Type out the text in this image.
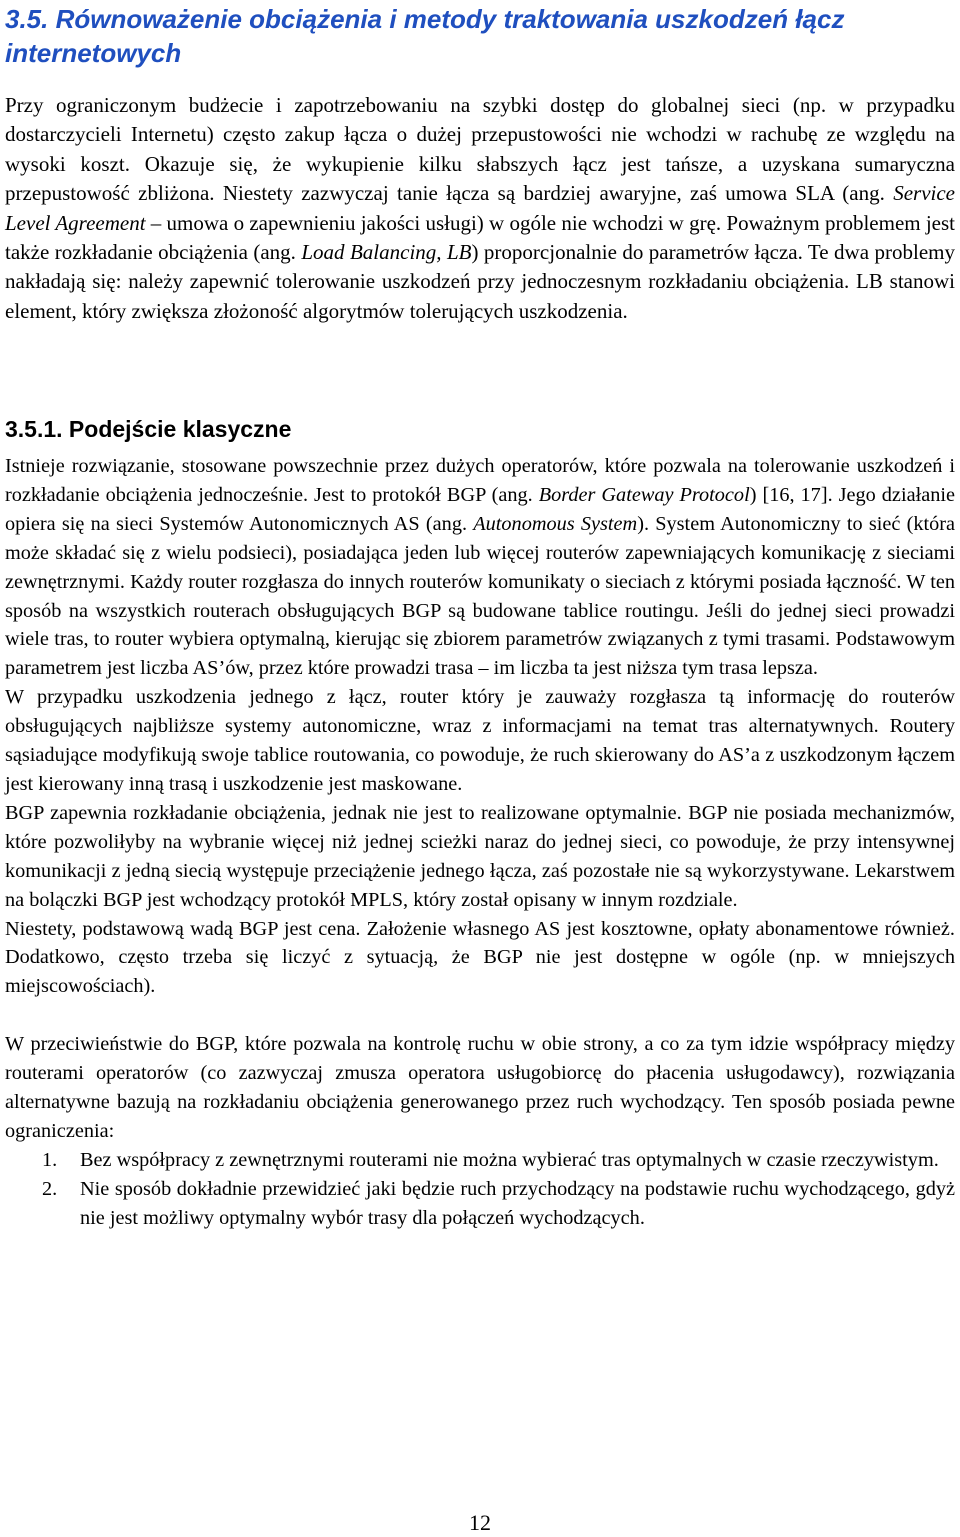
3.5. Równoważenie obciążenia i metody traktowania uszkodzeń łącz internetowych

Przy ograniczonym budżecie i zapotrzebowaniu na szybki dostęp do globalnej sieci (np. w przypadku dostarczycieli Internetu) często zakup łącza o dużej przepustowości nie wchodzi w rachubę ze względu na wysoki koszt. Okazuje się, że wykupienie kilku słabszych łącz jest tańsze, a uzyskana sumaryczna przepustowość zbliżona. Niestety zazwyczaj tanie łącza są bardziej awaryjne, zaś umowa SLA (ang. Service Level Agreement – umowa o zapewnieniu jakości usługi) w ogóle nie wchodzi w grę. Poważnym problemem jest także rozkładanie obciążenia (ang. Load Balancing, LB) proporcjonalnie do parametrów łącza. Te dwa problemy nakładają się: należy zapewnić tolerowanie uszkodzeń przy jednoczesnym rozkładaniu obciążenia. LB stanowi element, który zwiększa złożoność algorytmów tolerujących uszkodzenia.

3.5.1. Podejście klasyczne

Istnieje rozwiązanie, stosowane powszechnie przez dużych operatorów, które pozwala na tolerowanie uszkodzeń i rozkładanie obciążenia jednocześnie. Jest to protokół BGP (ang. Border Gateway Protocol) [16, 17]. Jego działanie opiera się na sieci Systemów Autonomicznych AS (ang. Autonomous System). System Autonomiczny to sieć (która może składać się z wielu podsieci), posiadająca jeden lub więcej routerów zapewniających komunikację z sieciami zewnętrznymi. Każdy router rozgłasza do innych routerów komunikaty o sieciach z którymi posiada łączność. W ten sposób na wszystkich routerach obsługujących BGP są budowane tablice routingu. Jeśli do jednej sieci prowadzi wiele tras, to router wybiera optymalną, kierując się zbiorem parametrów związanych z tymi trasami. Podstawowym parametrem jest liczba AS’ów, przez które prowadzi trasa – im liczba ta jest niższa tym trasa lepsza.

W przypadku uszkodzenia jednego z łącz, router który je zauważy rozgłasza tą informację do routerów obsługujących najbliższe systemy autonomiczne, wraz z informacjami na temat tras alternatywnych. Routery sąsiadujące modyfikują swoje tablice routowania, co powoduje, że ruch skierowany do AS’a z uszkodzonym łączem jest kierowany inną trasą i uszkodzenie jest maskowane.

BGP zapewnia rozkładanie obciążenia, jednak nie jest to realizowane optymalnie. BGP nie posiada mechanizmów, które pozwoliłyby na wybranie więcej niż jednej scieżki naraz do jednej sieci, co powoduje, że przy intensywnej komunikacji z jedną siecią występuje przeciążenie jednego łącza, zaś pozostałe nie są wykorzystywane. Lekarstwem na bolączki BGP jest wchodzący protokół MPLS, który został opisany w innym rozdziale.

Niestety, podstawową wadą BGP jest cena. Założenie własnego AS jest kosztowne, opłaty abonamentowe również. Dodatkowo, często trzeba się liczyć z sytuacją, że BGP nie jest dostępne w ogóle (np. w mniejszych miejscowościach).

W przeciwieństwie do BGP, które pozwala na kontrolę ruchu w obie strony, a co za tym idzie współpracy między routerami operatorów (co zazwyczaj zmusza operatora usługobiorcę do płacenia usługodawcy), rozwiązania alternatywne bazują na rozkładaniu obciążenia generowanego przez ruch wychodzący. Ten sposób posiada pewne ograniczenia:

1. Bez współpracy z zewnętrznymi routerami nie można wybierać tras optymalnych w czasie rzeczywistym.
2. Nie sposób dokładnie przewidzieć jaki będzie ruch przychodzący na podstawie ruchu wychodzącego, gdyż nie jest możliwy optymalny wybór trasy dla połączeń wychodzących.
12
